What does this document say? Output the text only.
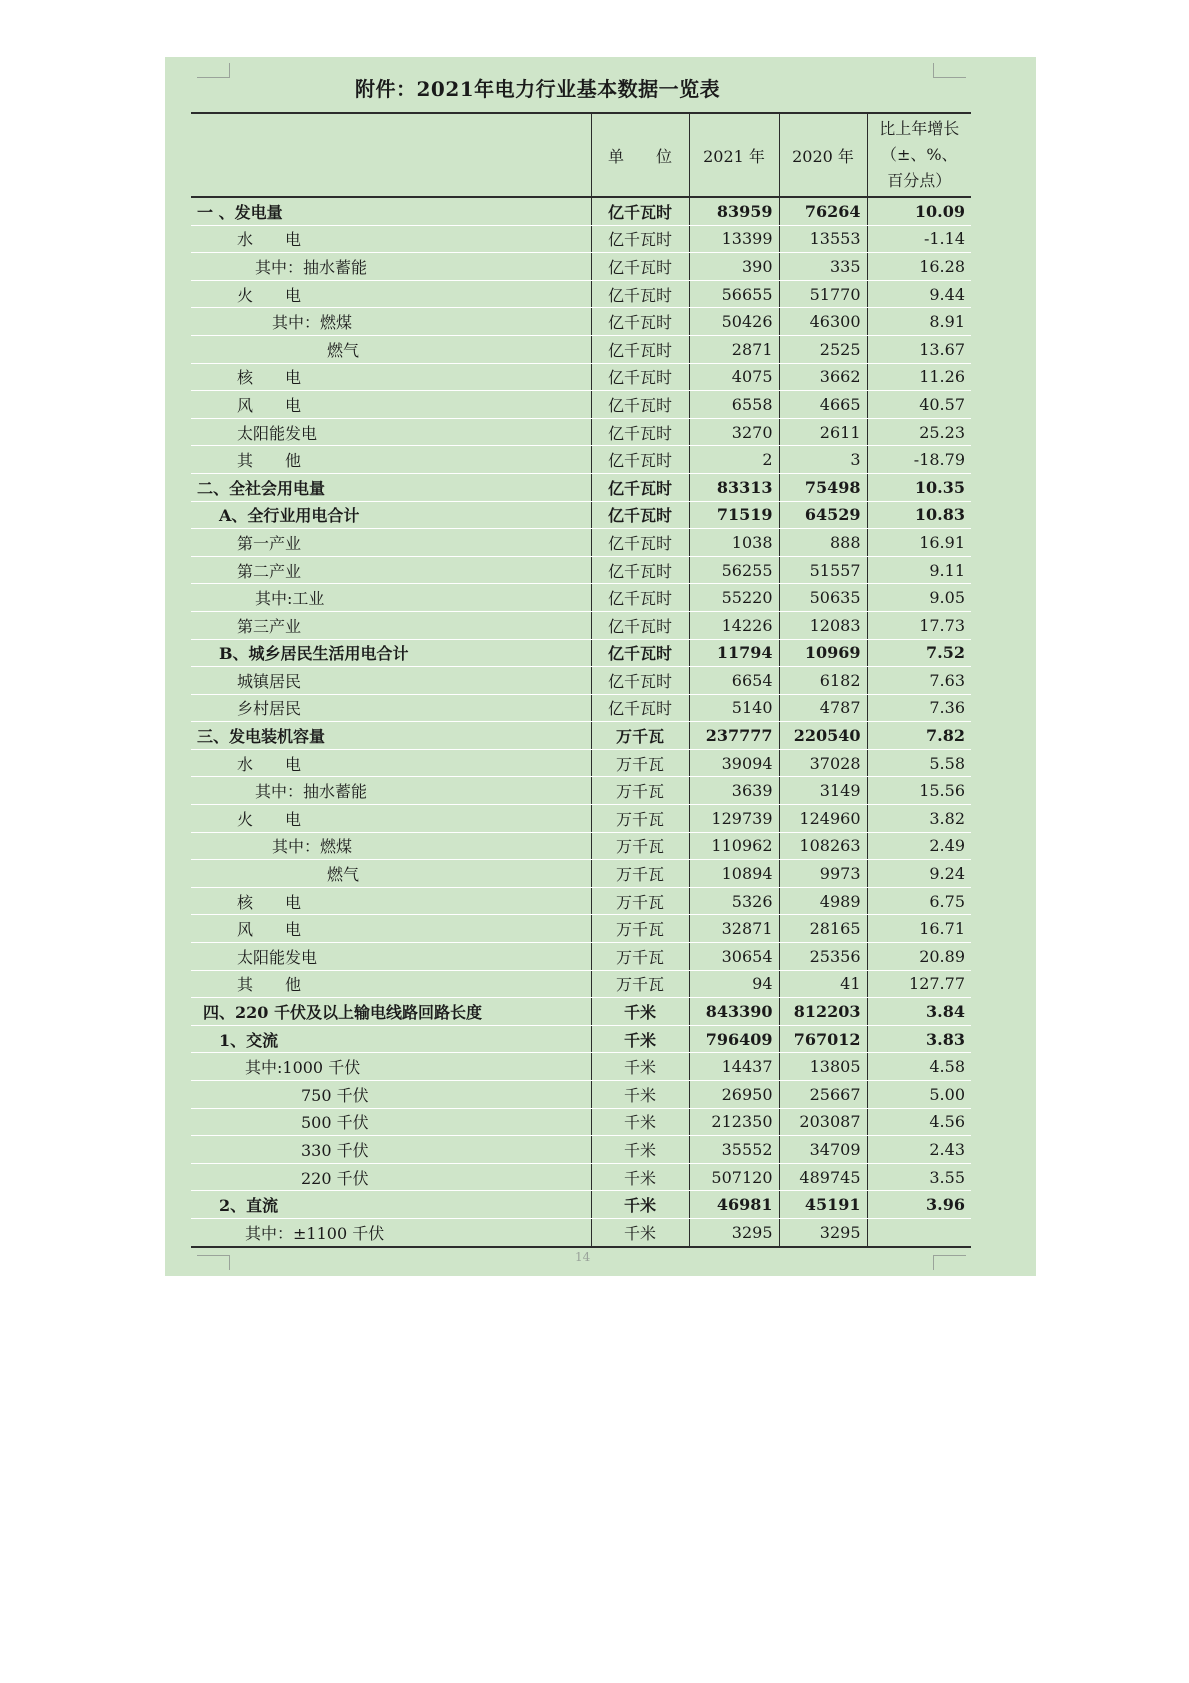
附件：2021年电力行业基本数据一览表
	单　　位	2021 年	2020 年	比上年增长
（±、%、
百分点）

一 、发电量	亿千瓦时	83959	76264	10.09
水　　电	亿千瓦时	13399	13553	-1.14
其中：抽水蓄能	亿千瓦时	390	335	16.28
火　　电	亿千瓦时	56655	51770	9.44
其中：燃煤	亿千瓦时	50426	46300	8.91
燃气	亿千瓦时	2871	2525	13.67
核　　电	亿千瓦时	4075	3662	11.26
风　　电	亿千瓦时	6558	4665	40.57
太阳能发电	亿千瓦时	3270	2611	25.23
其　　他	亿千瓦时	2	3	-18.79
二、全社会用电量	亿千瓦时	83313	75498	10.35
A、全行业用电合计	亿千瓦时	71519	64529	10.83
第一产业	亿千瓦时	1038	888	16.91
第二产业	亿千瓦时	56255	51557	9.11
其中:工业	亿千瓦时	55220	50635	9.05
第三产业	亿千瓦时	14226	12083	17.73
B、城乡居民生活用电合计	亿千瓦时	11794	10969	7.52
城镇居民	亿千瓦时	6654	6182	7.63
乡村居民	亿千瓦时	5140	4787	7.36
三、发电装机容量	万千瓦	237777	220540	7.82
水　　电	万千瓦	39094	37028	5.58
其中：抽水蓄能	万千瓦	3639	3149	15.56
火　　电	万千瓦	129739	124960	3.82
其中：燃煤	万千瓦	110962	108263	2.49
燃气	万千瓦	10894	9973	9.24
核　　电	万千瓦	5326	4989	6.75
风　　电	万千瓦	32871	28165	16.71
太阳能发电	万千瓦	30654	25356	20.89
其　　他	万千瓦	94	41	127.77
四、220 千伏及以上输电线路回路长度	千米	843390	812203	3.84
1、交流	千米	796409	767012	3.83
其中:1000 千伏	千米	14437	13805	4.58
750 千伏	千米	26950	25667	5.00
500 千伏	千米	212350	203087	4.56
330 千伏	千米	35552	34709	2.43
220 千伏	千米	507120	489745	3.55
2、直流	千米	46981	45191	3.96
其中：±1100 千伏	千米	3295	3295	
14
